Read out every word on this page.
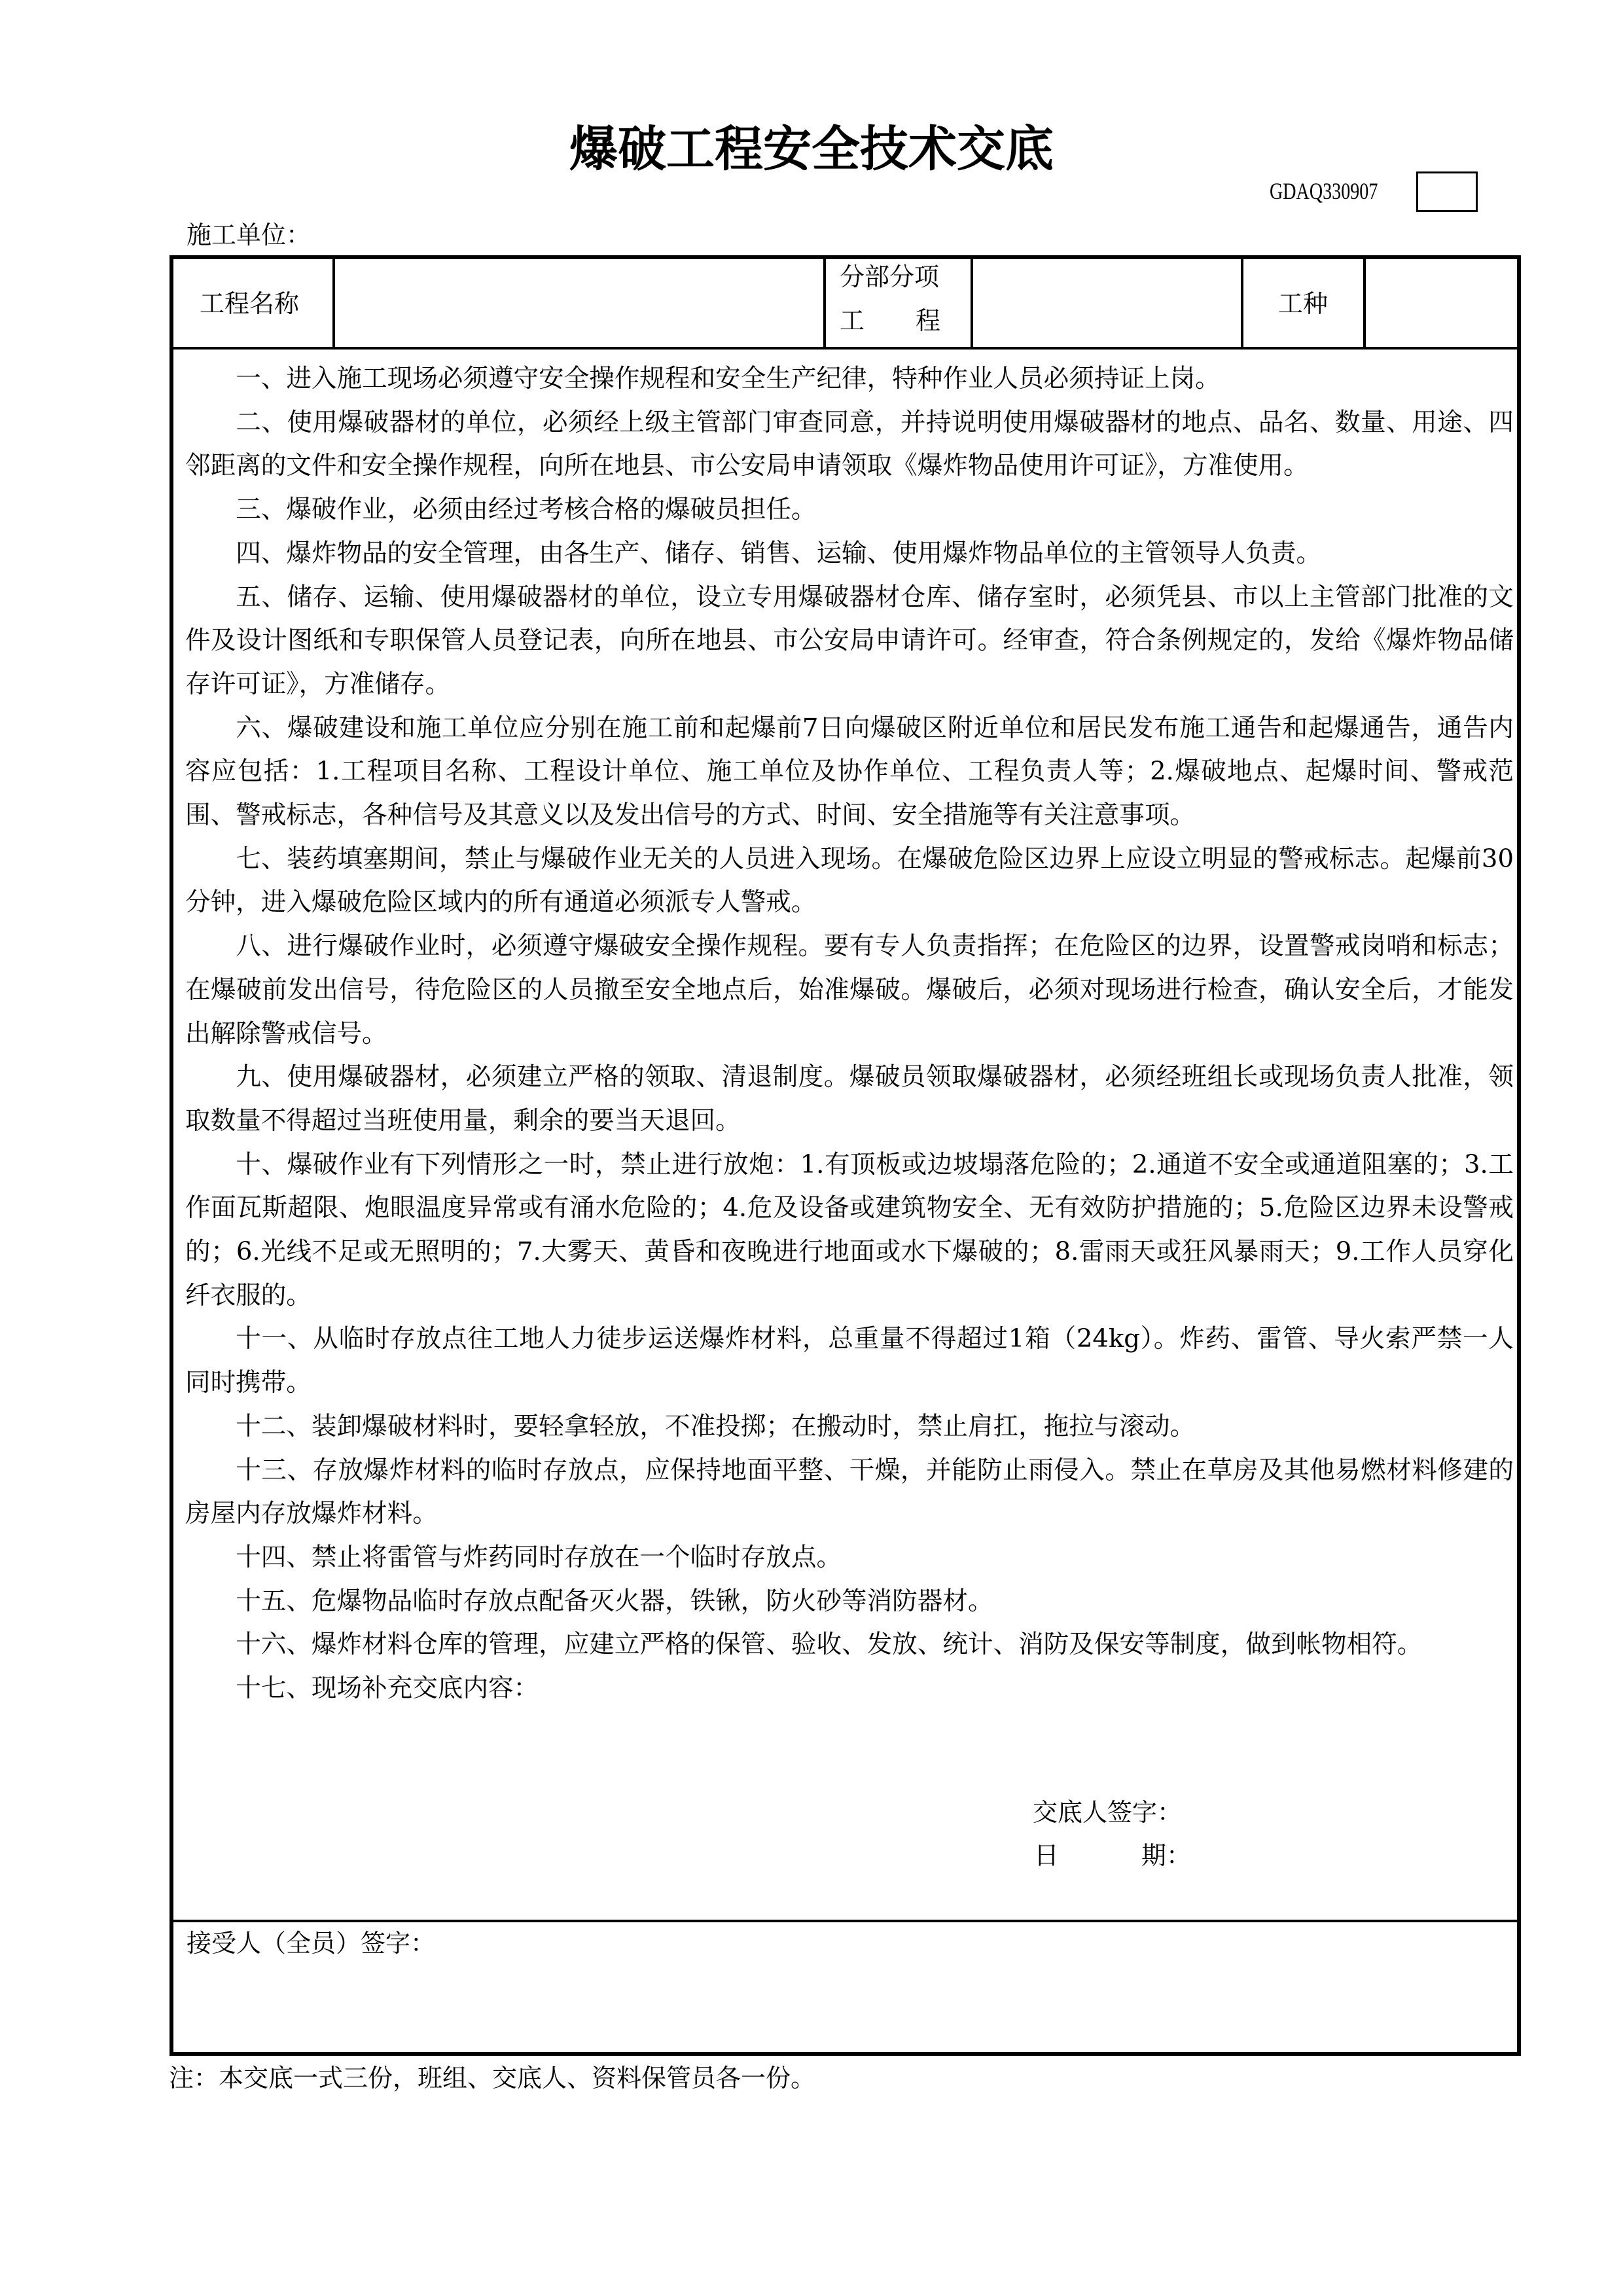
爆破工程安全技术交底
GDAQ330907
施工单位：
工程名称
分部分项
工 程
工种

一、进入施工现场必须遵守安全操作规程和安全生产纪律，特种作业人员必须持证上岗。

二、使用爆破器材的单位，必须经上级主管部门审查同意，并持说明使用爆破器材的地点、品名、数量、用途、四邻距离的文件和安全操作规程，向所在地县、市公安局申请领取《爆炸物品使用许可证》，方准使用。

三、爆破作业，必须由经过考核合格的爆破员担任。

四、爆炸物品的安全管理，由各生产、储存、销售、运输、使用爆炸物品单位的主管领导人负责。

五、储存、运输、使用爆破器材的单位，设立专用爆破器材仓库、储存室时，必须凭县、市以上主管部门批准的文件及设计图纸和专职保管人员登记表，向所在地县、市公安局申请许可。经审查，符合条例规定的，发给《爆炸物品储存许可证》，方准储存。

六、爆破建设和施工单位应分别在施工前和起爆前7日向爆破区附近单位和居民发布施工通告和起爆通告，通告内容应包括：1.工程项目名称、工程设计单位、施工单位及协作单位、工程负责人等；2.爆破地点、起爆时间、警戒范围、警戒标志，各种信号及其意义以及发出信号的方式、时间、安全措施等有关注意事项。

七、装药填塞期间，禁止与爆破作业无关的人员进入现场。在爆破危险区边界上应设立明显的警戒标志。起爆前30分钟，进入爆破危险区域内的所有通道必须派专人警戒。

八、进行爆破作业时，必须遵守爆破安全操作规程。要有专人负责指挥；在危险区的边界，设置警戒岗哨和标志；在爆破前发出信号，待危险区的人员撤至安全地点后，始准爆破。爆破后，必须对现场进行检查，确认安全后，才能发出解除警戒信号。

九、使用爆破器材，必须建立严格的领取、清退制度。爆破员领取爆破器材，必须经班组长或现场负责人批准，领取数量不得超过当班使用量，剩余的要当天退回。

十、爆破作业有下列情形之一时，禁止进行放炮：1.有顶板或边坡塌落危险的；2.通道不安全或通道阻塞的；3.工作面瓦斯超限、炮眼温度异常或有涌水危险的；4.危及设备或建筑物安全、无有效防护措施的；5.危险区边界未设警戒的；6.光线不足或无照明的；7.大雾天、黄昏和夜晚进行地面或水下爆破的；8.雷雨天或狂风暴雨天；9.工作人员穿化纤衣服的。

十一、从临时存放点往工地人力徒步运送爆炸材料，总重量不得超过1箱（24kg）。炸药、雷管、导火索严禁一人同时携带。

十二、装卸爆破材料时，要轻拿轻放，不准投掷；在搬动时，禁止肩扛，拖拉与滚动。

十三、存放爆炸材料的临时存放点，应保持地面平整、干燥，并能防止雨侵入。禁止在草房及其他易燃材料修建的房屋内存放爆炸材料。

十四、禁止将雷管与炸药同时存放在一个临时存放点。

十五、危爆物品临时存放点配备灭火器，铁锹，防火砂等消防器材。

十六、爆炸材料仓库的管理，应建立严格的保管、验收、发放、统计、消防及保安等制度，做到帐物相符。

十七、现场补充交底内容：

交底人签字：
日	期：
接受人（全员）签字：
注：本交底一式三份，班组、交底人、资料保管员各一份。
